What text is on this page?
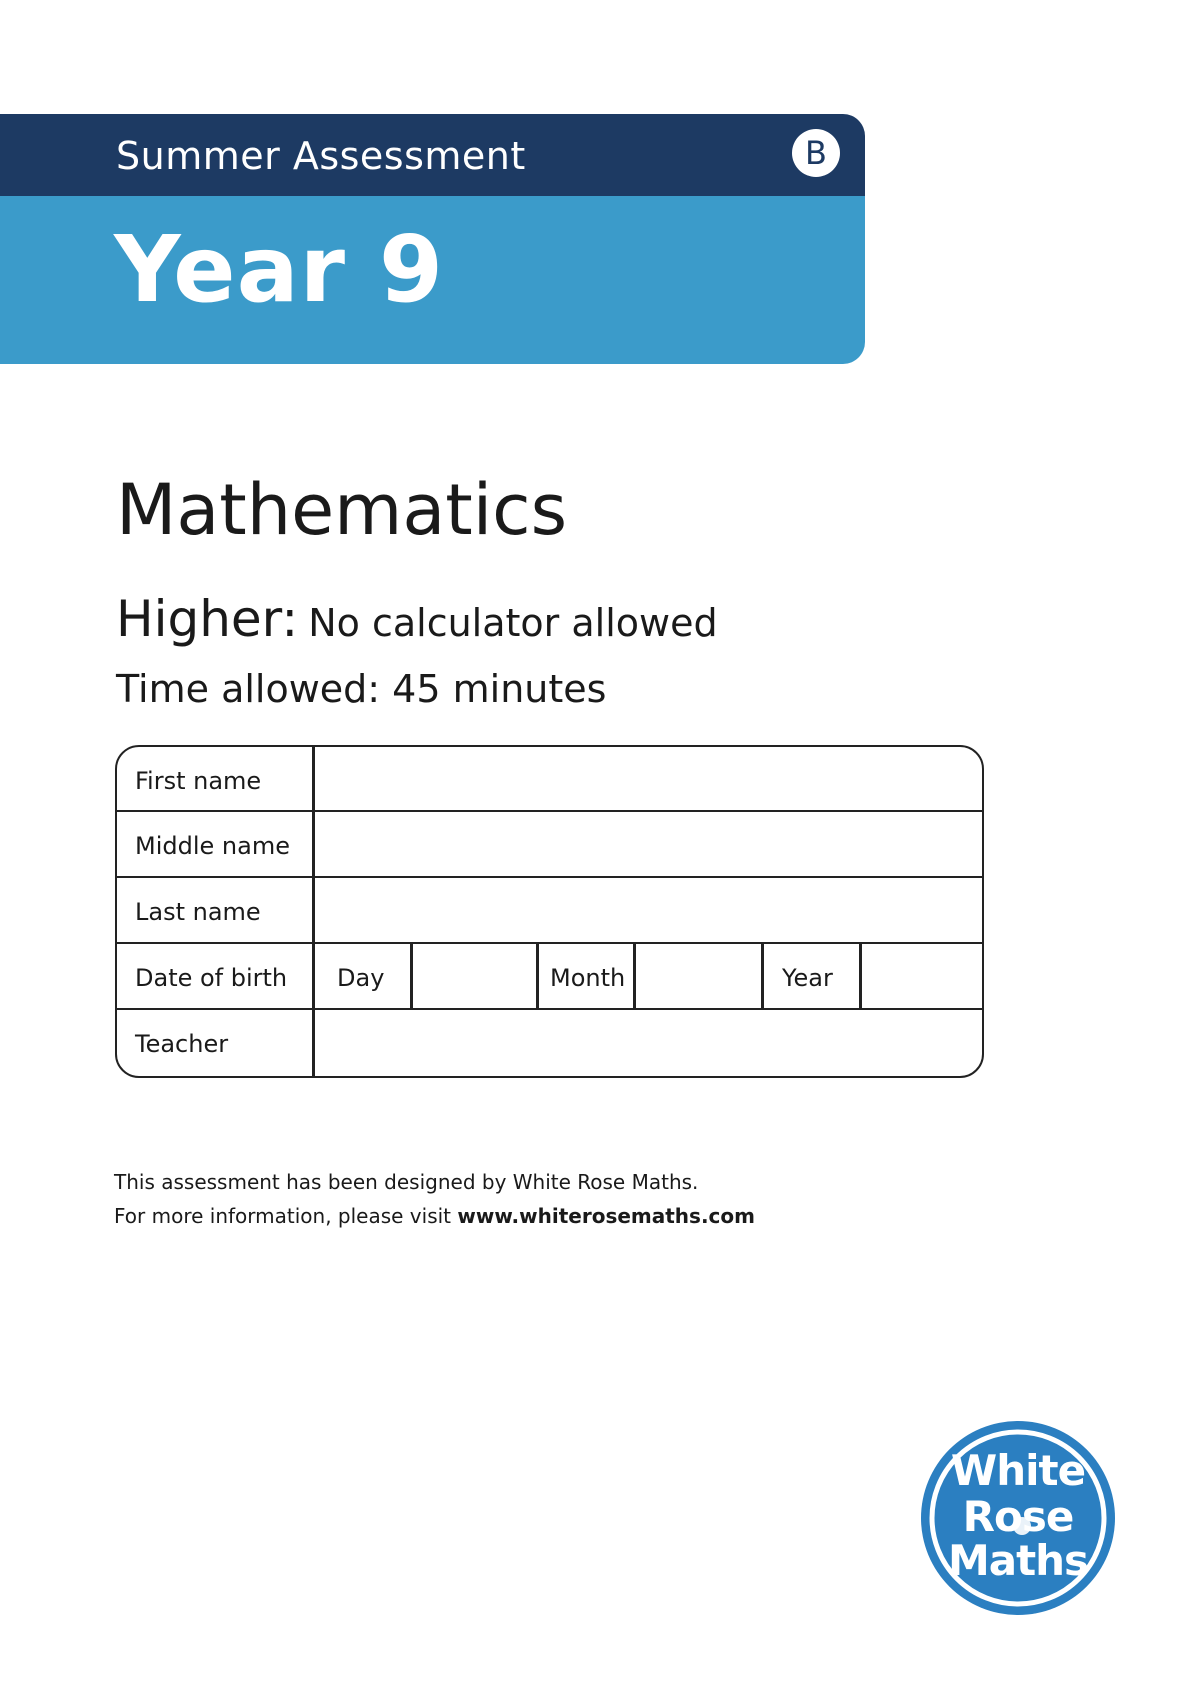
Summer Assessment	B
Year 9
Mathematics
Higher: No calculator allowed
Time allowed: 45 minutes
First name
Middle name
Last name
Date of birth Day	Month	Year
Teacher
This assessment has been designed by White Rose Maths.
For more information, please visit www.whiterosemaths.com
White
Rose
Maths
